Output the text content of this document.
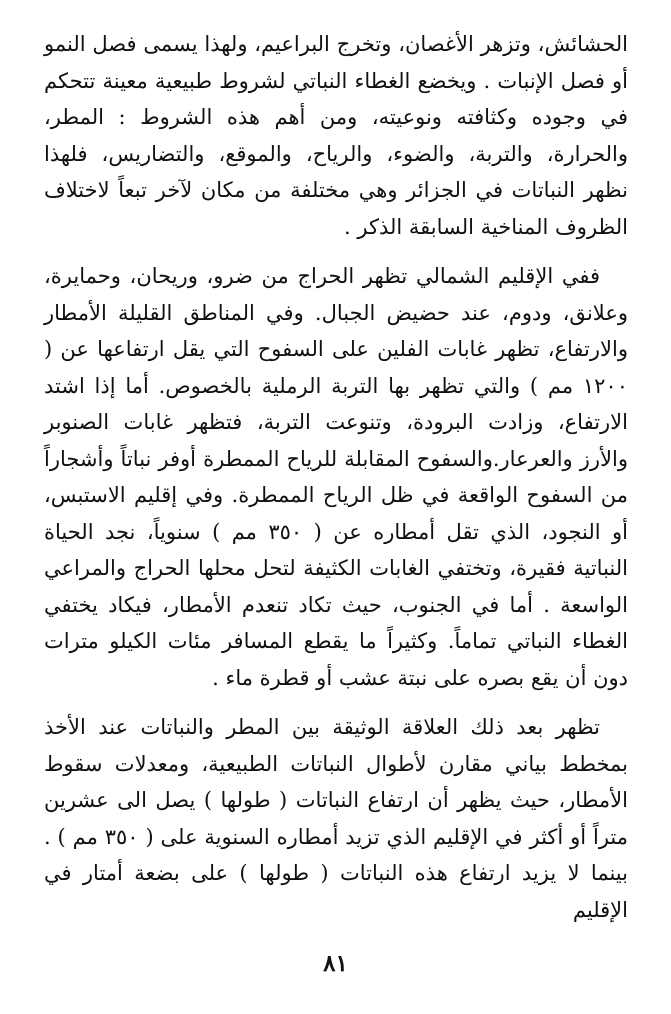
الحشائش، وتزهر الأغصان، وتخرج البراعيم، ولهذا يسمى فصل النمو أو فصل الإنبات . ويخضع الغطاء النباتي لشروط طبيعية معينة تتحكم في وجوده وكثافته ونوعيته، ومن أهم هذه الشروط : المطر، والحرارة، والتربة، والضوء، والرياح، والموقع، والتضاريس، فلهذا نظهر النباتات في الجزائر وهي مختلفة من مكان لآخر تبعاً لاختلاف الظروف المناخية السابقة الذكر .

ففي الإقليم الشمالي تظهر الحراج من ضرو، وريحان، وحمايرة، وعلانق، ودوم، عند حضيض الجبال. وفي المناطق القليلة الأمطار والارتفاع، تظهر غابات الفلين على السفوح التي يقل ارتفاعها عن ( ١٢٠٠ مم ) والتي تظهر بها التربة الرملية بالخصوص. أما إذا اشتد الارتفاع، وزادت البرودة، وتنوعت التربة، فتظهر غابات الصنوبر والأرز والعرعار.والسفوح المقابلة للرياح الممطرة أوفر نباتاً وأشجاراً من السفوح الواقعة في ظل الرياح الممطرة. وفي إقليم الاستبس، أو النجود، الذي تقل أمطاره عن ( ٣٥٠ مم ) سنوياً، نجد الحياة النباتية فقيرة، وتختفي الغابات الكثيفة لتحل محلها الحراج والمراعي الواسعة . أما في الجنوب، حيث تكاد تنعدم الأمطار، فيكاد يختفي الغطاء النباتي تماماً. وكثيراً ما يقطع المسافر مئات الكيلو مترات دون أن يقع بصره على نبتة عشب أو قطرة ماء .

تظهر بعد ذلك العلاقة الوثيقة بين المطر والنباتات عند الأخذ بمخطط بياني مقارن لأطوال النباتات الطبيعية، ومعدلات سقوط الأمطار، حيث يظهر أن ارتفاع النباتات ( طولها ) يصل الى عشرين متراً أو أكثر في الإقليم الذي تزيد أمطاره السنوية على ( ٣٥٠ مم ) . بينما لا يزيد ارتفاع هذه النباتات ( طولها ) على بضعة أمتار في الإقليم

٨١
